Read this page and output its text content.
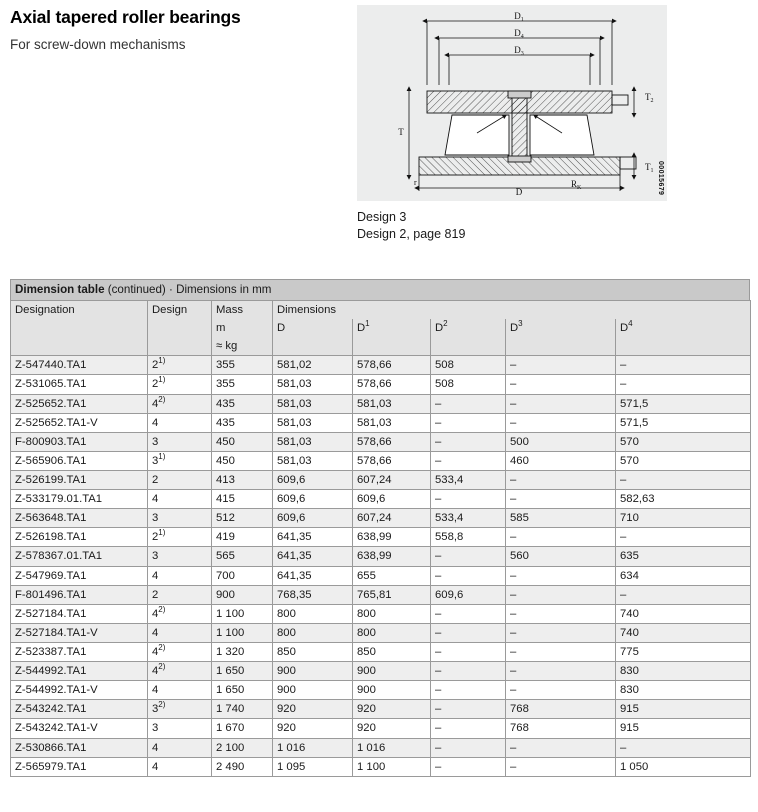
Axial tapered roller bearings

For screw-down mechanisms

$D_1$
$D_4$
$D_3$
T
$T_2$
$T_1$
D
r	$R_K$	00015679
Design 3
Design 2, page 819
Dimension table (continued) · Dimensions in mm
Designation	Design	Mass	Dimensions				
		m	D	$D^1$	$D^2$	$D^3$	$D^4$
		≈ kg					
Z-547440.TA1	2$^{1)}$	355	581,02	578,66	508	–	–
Z-531065.TA1	2$^{1)}$	355	581,03	578,66	508	–	–
Z-525652.TA1	4$^{2)}$	435	581,03	581,03	–	–	571,5
Z-525652.TA1-V	4	435	581,03	581,03	–	–	571,5
F-800903.TA1	3	450	581,03	578,66	–	500	570
Z-565906.TA1	3$^{1)}$	450	581,03	578,66	–	460	570
Z-526199.TA1	2	413	609,6	607,24	533,4	–	–
Z-533179.01.TA1	4	415	609,6	609,6	–	–	582,63
Z-563648.TA1	3	512	609,6	607,24	533,4	585	710
Z-526198.TA1	2$^{1)}$	419	641,35	638,99	558,8	–	–
Z-578367.01.TA1	3	565	641,35	638,99	–	560	635
Z-547969.TA1	4	700	641,35	655	–	–	634
F-801496.TA1	2	900	768,35	765,81	609,6	–	–
Z-527184.TA1	4$^{2)}$	1 100	800	800	–	–	740
Z-527184.TA1-V	4	1 100	800	800	–	–	740
Z-523387.TA1	4$^{2)}$	1 320	850	850	–	–	775
Z-544992.TA1	4$^{2)}$	1 650	900	900	–	–	830
Z-544992.TA1-V	4	1 650	900	900	–	–	830
Z-543242.TA1	3$^{2)}$	1 740	920	920	–	768	915
Z-543242.TA1-V	3	1 670	920	920	–	768	915
Z-530866.TA1	4	2 100	1 016	1 016	–	–	–
Z-565979.TA1	4	2 490	1 095	1 100	–	–	1 050
